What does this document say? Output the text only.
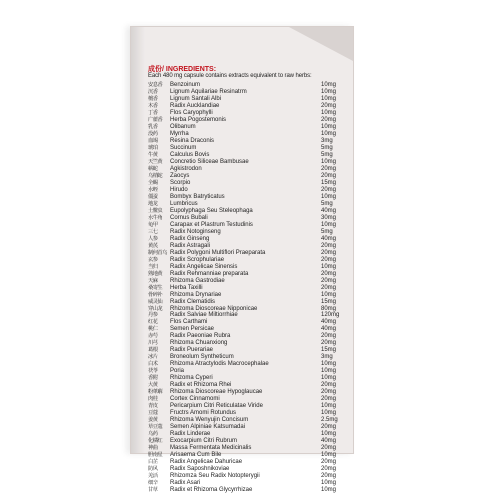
成份/ INGREDIENTS:
Each 480 mg capsule contains extracts equivalent to raw herbs:
安息香	Benzoinum	10mg
沉香	Lignum Aquilariae Resinatrm	10mg
檀香	Lignum Santali Albi	10mg
木香	Radix Aucklandiae	20mg
丁香	Flos Caryophylli	10mg
广藿香	Herba Pogostemonis	20mg
乳香	Olibanum	10mg
没药	Myrrha	10mg
血竭	Resina Draconis	3mg
琥珀	Succinum	5mg
牛黄	Calculus Bovis	5mg
天竺黄	Concretio Siliceae Bambusae	10mg
蕲蛇	Agkistrodon	20mg
乌梢蛇	Zaocys	20mg
全蝎	Scorpio	15mg
水蛭	Hirudo	20mg
僵蚕	Bombyx Batryticatus	10mg
地龙	Lumbricus	5mg
土鳖虫	Eupolyphaga Seu Steleophaga	40mg
水牛角	Cornus Bubali	30mg
龟甲	Carapax et Plastrum Testudinis	10mg
三七	Radix Notoginseng	5mg
人参	Radix Ginseng	40mg
黄芪	Radix Astragali	20mg
制何首乌 Radix Polygoni Multiflori Praeparata	20mg
玄参	Radix Scrophulariae	20mg
当归	Radix Angelicae Sinensis	10mg
熟地黄	Radix Rehmanniae preparata	20mg
天麻	Rhizoma Gastrodiae	20mg
桑寄生	Herba Taxilli	20mg
骨碎补	Rhizoma Drynariae	10mg
威灵仙	Radix Clematidis	15mg
穿山龙	Rhizoma Dioscoreae Nipponicae	80mg
丹参	Radix Salviae Miltiorrhiae	120mg
红花	Flos Carthami	40mg
桃仁	Semen Persicae	40mg
赤芍	Radix Paeoniae Rubra	20mg
川芎	Rhizoma Chuanxiong	20mg
葛根	Radix Puerariae	15mg
冰片	Broneolum Syntheticum	3mg
白术	Rhizoma Atractylodis Macrocephalae	10mg
茯苓	Poria	10mg
香附	Rhizoma Cyperi	10mg
大黄	Radix et Rhizoma Rhei	20mg
粉萆薢	Rhizoma Dioscoreae Hypoglaucae	20mg
肉桂	Cortex Cinnamomi	20mg
青皮	Pericarpium Citri Reticulatae Viride	10mg
豆蔻	Fructrs Amomi Rotundus	10mg
姜黄	Rhizoma Wenyujin Concisum	2.5mg
草豆蔻	Semen Alpiniae Katsumadai	20mg
乌药	Radix Linderae	10mg
化橘红	Exocarpium Citri Rubrum	40mg
神曲	Massa Fermentata Medicinalis	20mg
胆南星	Arisaema Cum Bile	10mg
白芷	Radix Angelicae Dahuricae	20mg
防风	Radix Saposhnikoviae	20mg
羌活	Rhizomza Seu Radix Notopterygii	20mg
细辛	Radix Asari	10mg
甘草	Radix et Rhizoma Glycyrrhizae	10mg
